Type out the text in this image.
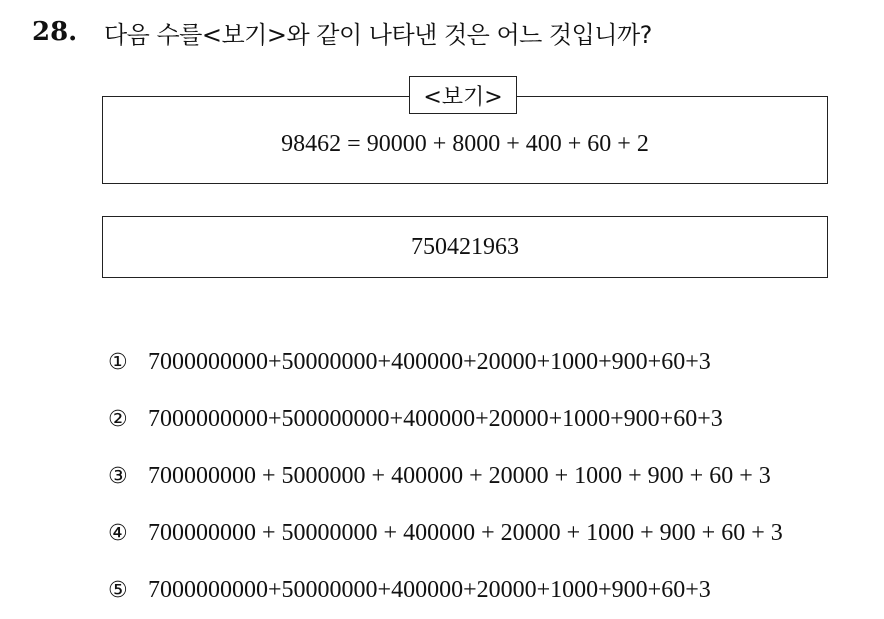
28.	다음 수를<보기>와 같이 나타낸 것은 어느 것입니까?
<보기>
98462 = 90000 + 8000 + 400 + 60 + 2
750421963
① 7000000000+50000000+400000+20000+1000+900+60+3
② 7000000000+500000000+400000+20000+1000+900+60+3
③ 700000000 + 5000000 + 400000 + 20000 + 1000 + 900 + 60 + 3
④ 700000000 + 50000000 + 400000 + 20000 + 1000 + 900 + 60 + 3
⑤ 7000000000+50000000+400000+20000+1000+900+60+3
